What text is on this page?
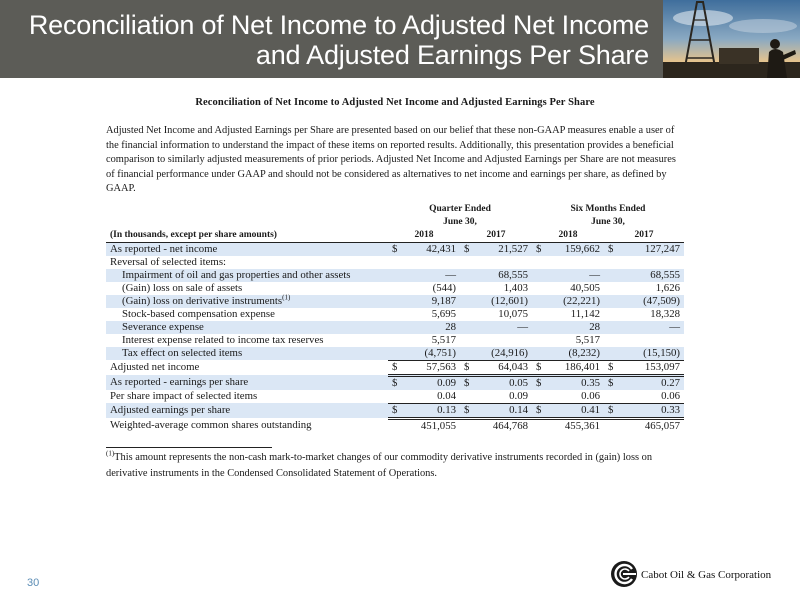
Reconciliation of Net Income to Adjusted Net Income
and Adjusted Earnings Per Share
Reconciliation of Net Income to Adjusted Net Income and Adjusted Earnings Per Share
Adjusted Net Income and Adjusted Earnings per Share are presented based on our belief that these non-GAAP measures enable a user of the financial information to understand the impact of these items on reported results. Additionally, this presentation provides a beneficial comparison to similarly adjusted measurements of prior periods. Adjusted Net Income and Adjusted Earnings per Share are not measures of financial performance under GAAP and should not be considered as alternatives to net income and earnings per share, as defined by GAAP.
	Quarter Ended				Six Months Ended			
	June 30,				June 30,			
(In thousands, except per share amounts)	2018		2017		2018		2017	
As reported - net income	$	42,431	$	21,527	$	159,662	$	127,247
Reversal of selected items:								
Impairment of oil and gas properties and other assets		—		68,555		—		68,555
(Gain) loss on sale of assets		(544)		1,403		40,505		1,626
(Gain) loss on derivative instruments$^{(1)}$		9,187		(12,601)		(22,221)		(47,509)
Stock-based compensation expense		5,695		10,075		11,142		18,328
Severance expense		28		—		28		—
Interest expense related to income tax reserves		5,517				5,517		
Tax effect on selected items		(4,751)		(24,916)		(8,232)		(15,150)
Adjusted net income	$	57,563	$	64,043	$	186,401	$	153,097
As reported - earnings per share	$	0.09	$	0.05	$	0.35	$	0.27
Per share impact of selected items		0.04		0.09		0.06		0.06
Adjusted earnings per share	$	0.13	$	0.14	$	0.41	$	0.33
Weighted-average common shares outstanding		451,055		464,768		455,361		465,057
$^{(1)}$This amount represents the non-cash mark-to-market changes of our commodity derivative instruments recorded in (gain) loss on derivative instruments in the Condensed Consolidated Statement of Operations.
30
Cabot Oil & Gas Corporation
